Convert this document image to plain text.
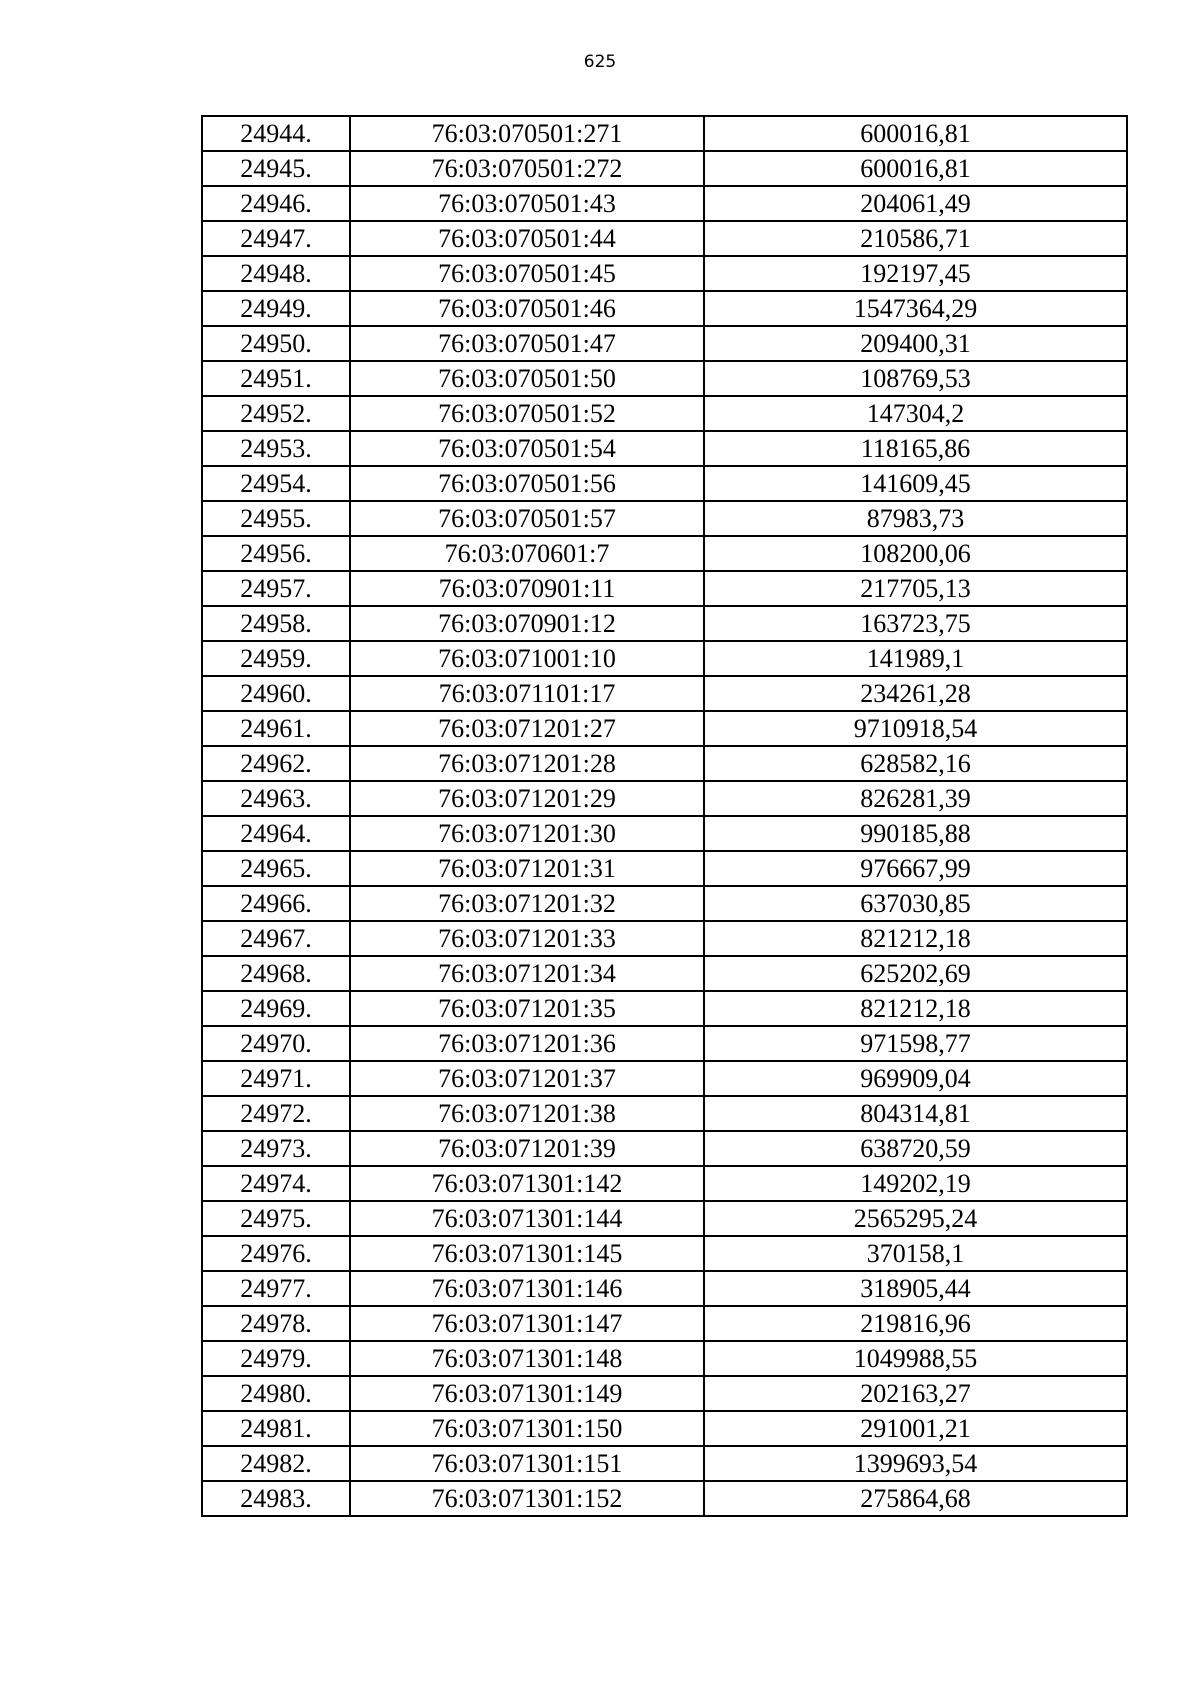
625
24944.	76:03:070501:271	600016,81
24945.	76:03:070501:272	600016,81
24946.	76:03:070501:43	204061,49
24947.	76:03:070501:44	210586,71
24948.	76:03:070501:45	192197,45
24949.	76:03:070501:46	1547364,29
24950.	76:03:070501:47	209400,31
24951.	76:03:070501:50	108769,53
24952.	76:03:070501:52	147304,2
24953.	76:03:070501:54	118165,86
24954.	76:03:070501:56	141609,45
24955.	76:03:070501:57	87983,73
24956.	76:03:070601:7	108200,06
24957.	76:03:070901:11	217705,13
24958.	76:03:070901:12	163723,75
24959.	76:03:071001:10	141989,1
24960.	76:03:071101:17	234261,28
24961.	76:03:071201:27	9710918,54
24962.	76:03:071201:28	628582,16
24963.	76:03:071201:29	826281,39
24964.	76:03:071201:30	990185,88
24965.	76:03:071201:31	976667,99
24966.	76:03:071201:32	637030,85
24967.	76:03:071201:33	821212,18
24968.	76:03:071201:34	625202,69
24969.	76:03:071201:35	821212,18
24970.	76:03:071201:36	971598,77
24971.	76:03:071201:37	969909,04
24972.	76:03:071201:38	804314,81
24973.	76:03:071201:39	638720,59
24974.	76:03:071301:142	149202,19
24975.	76:03:071301:144	2565295,24
24976.	76:03:071301:145	370158,1
24977.	76:03:071301:146	318905,44
24978.	76:03:071301:147	219816,96
24979.	76:03:071301:148	1049988,55
24980.	76:03:071301:149	202163,27
24981.	76:03:071301:150	291001,21
24982.	76:03:071301:151	1399693,54
24983.	76:03:071301:152	275864,68
